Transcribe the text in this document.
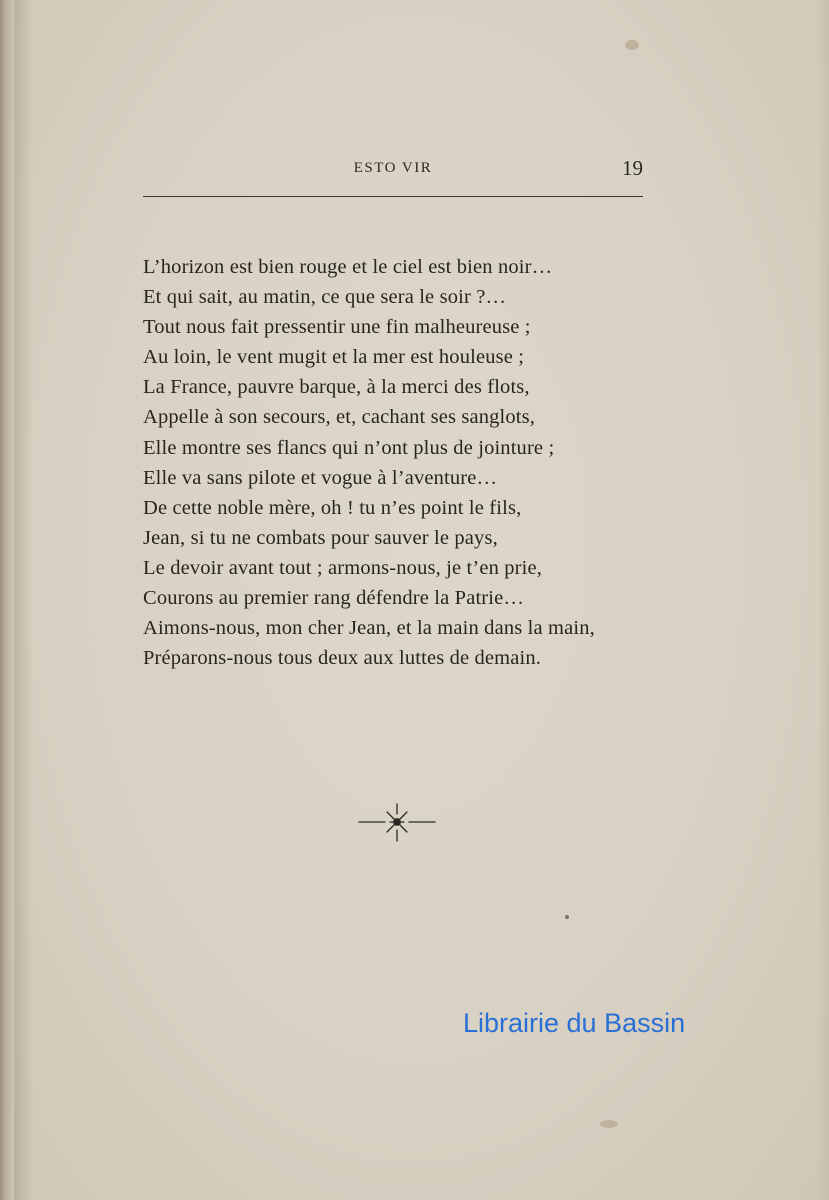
ESTO VIR	19
L’horizon est bien rouge et le ciel est bien noir…
Et qui sait, au matin, ce que sera le soir ?…
Tout nous fait pressentir une fin malheureuse ;
Au loin, le vent mugit et la mer est houleuse ;
La France, pauvre barque, à la merci des flots,
Appelle à son secours, et, cachant ses sanglots,
Elle montre ses flancs qui n’ont plus de jointure ;
Elle va sans pilote et vogue à l’aventure…
De cette noble mère, oh ! tu n’es point le fils,
Jean, si tu ne combats pour sauver le pays,
Le devoir avant tout ; armons-nous, je t’en prie,
Courons au premier rang défendre la Patrie…
Aimons-nous, mon cher Jean, et la main dans la main,
Préparons-nous tous deux aux luttes de demain.
Librairie du Bassin
